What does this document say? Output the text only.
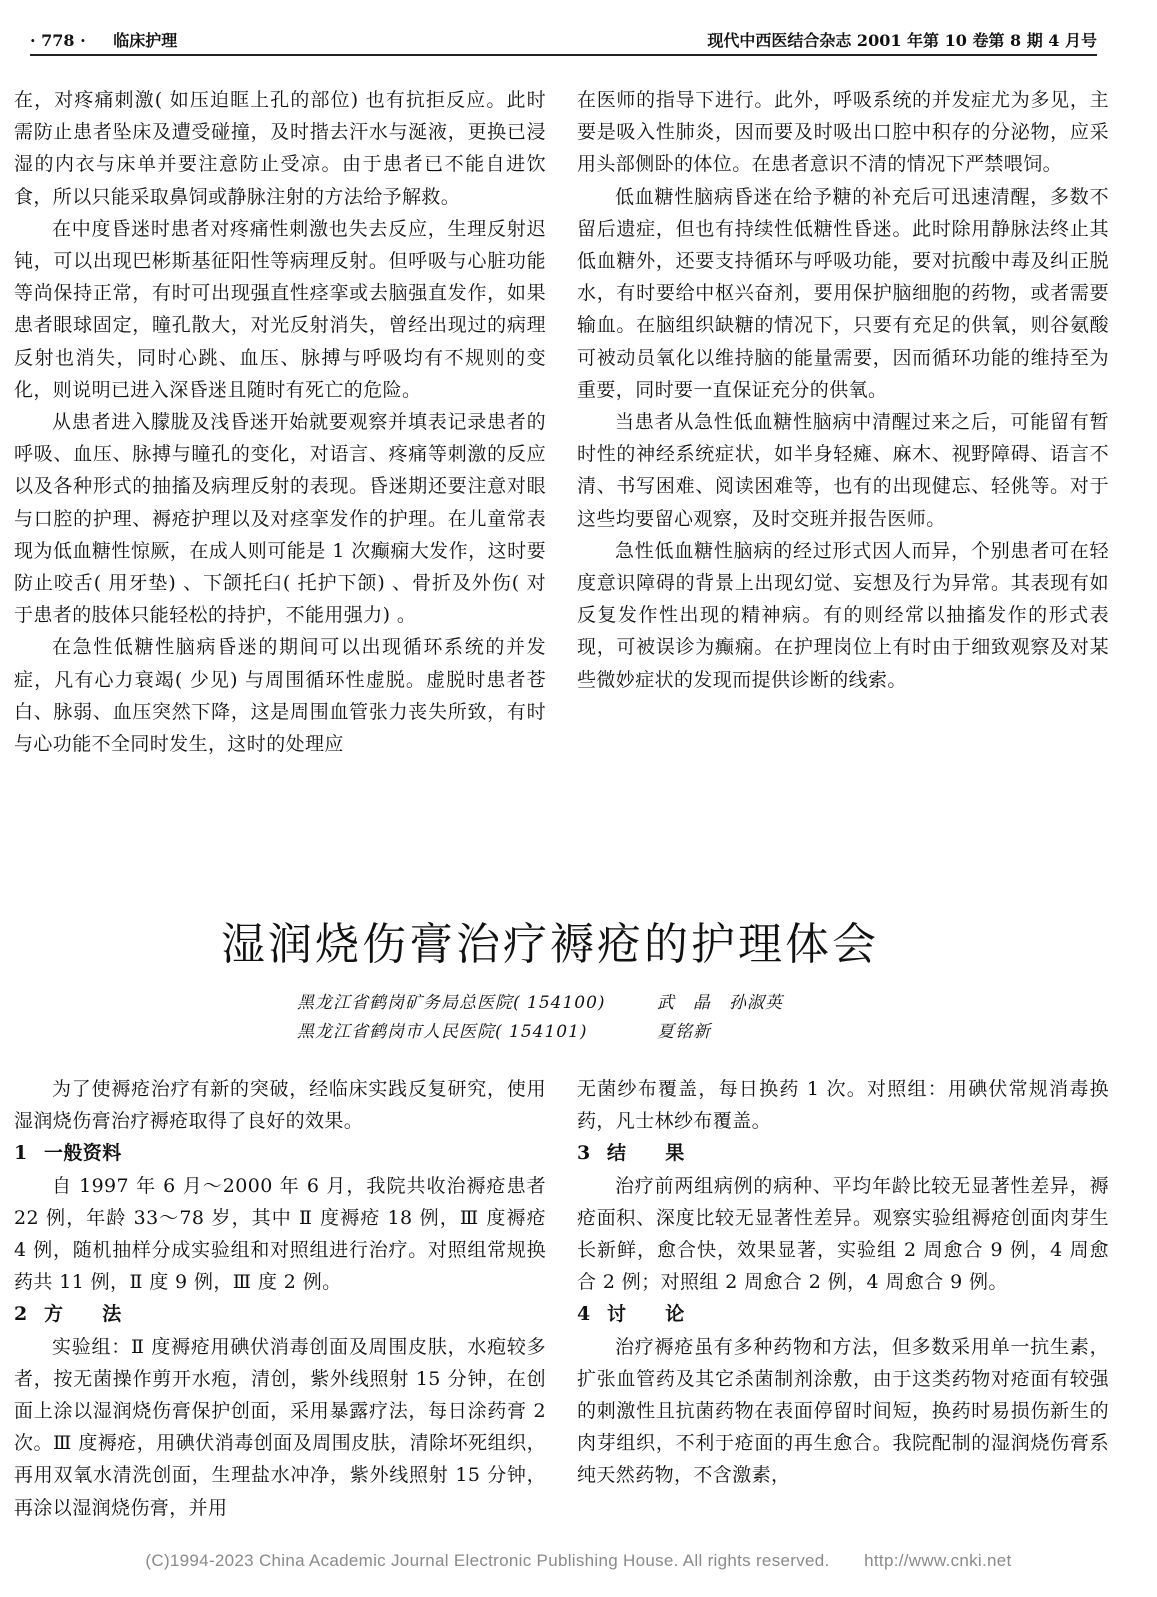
· 778 · 临床护理	现代中西医结合杂志 2001 年第 10 卷第 8 期 4 月号

在，对疼痛刺激( 如压迫眶上孔的部位) 也有抗拒反应。此时需防止患者坠床及遭受碰撞，及时揩去汗水与涎液，更换已浸湿的内衣与床单并要注意防止受凉。由于患者已不能自进饮食，所以只能采取鼻饲或静脉注射的方法给予解救。

在中度昏迷时患者对疼痛性刺激也失去反应，生理反射迟钝，可以出现巴彬斯基征阳性等病理反射。但呼吸与心脏功能等尚保持正常，有时可出现强直性痉挛或去脑强直发作，如果患者眼球固定，瞳孔散大，对光反射消失，曾经出现过的病理反射也消失，同时心跳、血压、脉搏与呼吸均有不规则的变化，则说明已进入深昏迷且随时有死亡的危险。

从患者进入朦胧及浅昏迷开始就要观察并填表记录患者的呼吸、血压、脉搏与瞳孔的变化，对语言、疼痛等刺激的反应以及各种形式的抽搐及病理反射的表现。昏迷期还要注意对眼与口腔的护理、褥疮护理以及对痉挛发作的护理。在儿童常表现为低血糖性惊厥，在成人则可能是 1 次癫痫大发作，这时要防止咬舌( 用牙垫) 、下颌托臼( 托护下颌) 、骨折及外伤( 对于患者的肢体只能轻松的持护，不能用强力) 。

在急性低糖性脑病昏迷的期间可以出现循环系统的并发症，凡有心力衰竭( 少见) 与周围循环性虚脱。虚脱时患者苍白、脉弱、血压突然下降，这是周围血管张力丧失所致，有时与心功能不全同时发生，这时的处理应

在医师的指导下进行。此外，呼吸系统的并发症尤为多见，主要是吸入性肺炎，因而要及时吸出口腔中积存的分泌物，应采用头部侧卧的体位。在患者意识不清的情况下严禁喂饲。

低血糖性脑病昏迷在给予糖的补充后可迅速清醒，多数不留后遗症，但也有持续性低糖性昏迷。此时除用静脉法终止其低血糖外，还要支持循环与呼吸功能，要对抗酸中毒及纠正脱水，有时要给中枢兴奋剂，要用保护脑细胞的药物，或者需要输血。在脑组织缺糖的情况下，只要有充足的供氧，则谷氨酸可被动员氧化以维持脑的能量需要，因而循环功能的维持至为重要，同时要一直保证充分的供氧。

当患者从急性低血糖性脑病中清醒过来之后，可能留有暂时性的神经系统症状，如半身轻瘫、麻木、视野障碍、语言不清、书写困难、阅读困难等，也有的出现健忘、轻佻等。对于这些均要留心观察，及时交班并报告医师。

急性低血糖性脑病的经过形式因人而异，个别患者可在轻度意识障碍的背景上出现幻觉、妄想及行为异常。其表现有如反复发作性出现的精神病。有的则经常以抽搐发作的形式表现，可被误诊为癫痫。在护理岗位上有时由于细致观察及对某些微妙症状的发现而提供诊断的线索。

湿润烧伤膏治疗褥疮的护理体会
黑龙江省鹤岗矿务局总医院( 154100)	武　晶　孙淑英
黑龙江省鹤岗市人民医院( 154101)	夏铭新

为了使褥疮治疗有新的突破，经临床实践反复研究，使用湿润烧伤膏治疗褥疮取得了良好的效果。

1 一般资料

自 1997 年 6 月～2000 年 6 月，我院共收治褥疮患者 22 例，年龄 33～78 岁，其中 Ⅱ 度褥疮 18 例，Ⅲ 度褥疮 4 例，随机抽样分成实验组和对照组进行治疗。对照组常规换药共 11 例，Ⅱ 度 9 例，Ⅲ 度 2 例。

2 方　　法

实验组：Ⅱ 度褥疮用碘伏消毒创面及周围皮肤，水疱较多者，按无菌操作剪开水疱，清创，紫外线照射 15 分钟，在创面上涂以湿润烧伤膏保护创面，采用暴露疗法，每日涂药膏 2 次。Ⅲ 度褥疮，用碘伏消毒创面及周围皮肤，清除坏死组织，再用双氧水清洗创面，生理盐水冲净，紫外线照射 15 分钟，再涂以湿润烧伤膏，并用

无菌纱布覆盖，每日换药 1 次。对照组：用碘伏常规消毒换药，凡士林纱布覆盖。

3 结　　果

治疗前两组病例的病种、平均年龄比较无显著性差异，褥疮面积、深度比较无显著性差异。观察实验组褥疮创面肉芽生长新鲜，愈合快，效果显著，实验组 2 周愈合 9 例，4 周愈合 2 例；对照组 2 周愈合 2 例，4 周愈合 9 例。

4 讨　　论

治疗褥疮虽有多种药物和方法，但多数采用单一抗生素，扩张血管药及其它杀菌制剂涂敷，由于这类药物对疮面有较强的刺激性且抗菌药物在表面停留时间短，换药时易损伤新生的肉芽组织，不利于疮面的再生愈合。我院配制的湿润烧伤膏系纯天然药物，不含激素，

(C)1994-2023 China Academic Journal Electronic Publishing House. All rights reserved.　　http://www.cnki.net
